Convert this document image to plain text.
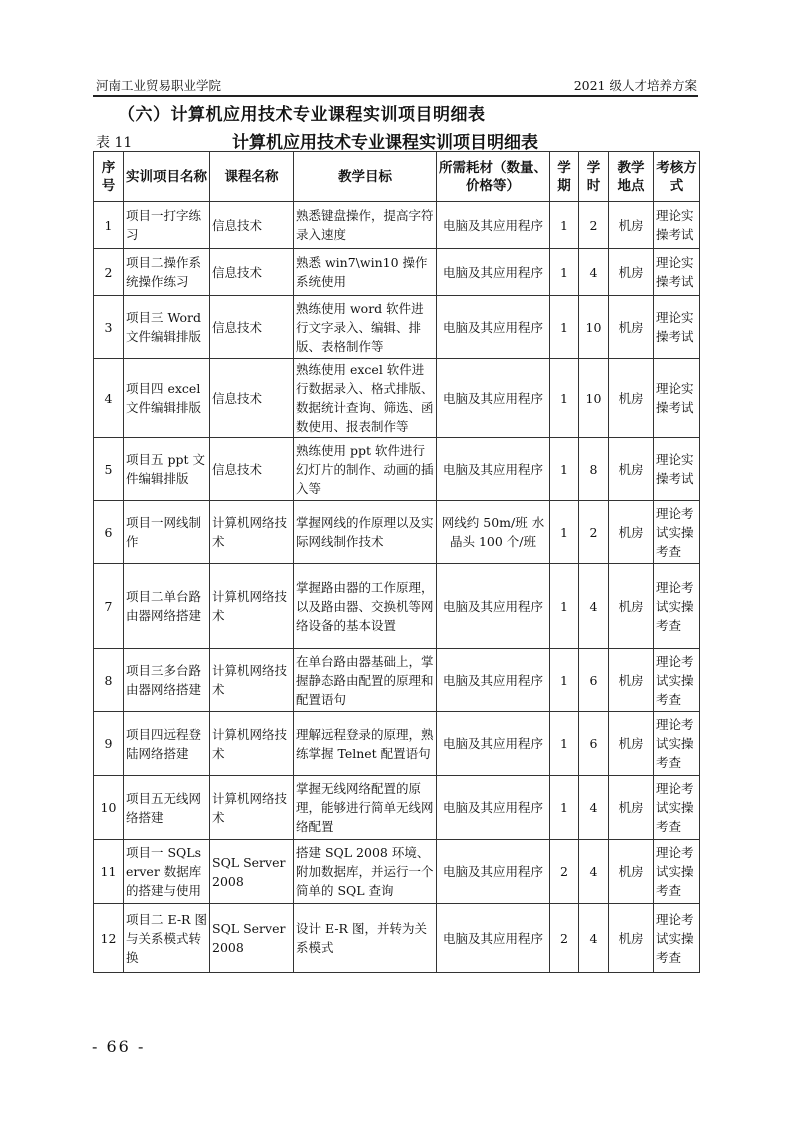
河南工业贸易职业学院	2021 级人才培养方案
（六）计算机应用技术专业课程实训项目明细表
表 11	计算机应用技术专业课程实训项目明细表
序号	实训项目名称	课程名称	教学目标	所需耗材（数量、价格等）	学期	学时	教学地点	考核方式
1	项目一打字练习	信息技术	熟悉键盘操作，提高字符录入速度	电脑及其应用程序	1	2	机房	理论实操考试
2	项目二操作系统操作练习	信息技术	熟悉 win7\win10 操作系统使用	电脑及其应用程序	1	4	机房	理论实操考试
3	项目三 Word 文件编辑排版	信息技术	熟练使用 word 软件进行文字录入、编辑、排版、表格制作等	电脑及其应用程序	1	10	机房	理论实操考试
4	项目四 excel 文件编辑排版	信息技术	熟练使用 excel 软件进行数据录入、格式排版、数据统计查询、筛选、函数使用、报表制作等	电脑及其应用程序	1	10	机房	理论实操考试
5	项目五 ppt 文件编辑排版	信息技术	熟练使用 ppt 软件进行幻灯片的制作、动画的插入等	电脑及其应用程序	1	8	机房	理论实操考试
6	项目一网线制作	计算机网络技术	掌握网线的作原理以及实际网线制作技术	网线约 50m/班 水晶头 100 个/班	1	2	机房	理论考试实操考查
7	项目二单台路由器网络搭建	计算机网络技术	掌握路由器的工作原理，以及路由器、交换机等网络设备的基本设置	电脑及其应用程序	1	4	机房	理论考试实操考查
8	项目三多台路由器网络搭建	计算机网络技术	在单台路由器基础上，掌握静态路由配置的原理和配置语句	电脑及其应用程序	1	6	机房	理论考试实操考查
9	项目四远程登陆网络搭建	计算机网络技术	理解远程登录的原理，熟练掌握 Telnet 配置语句	电脑及其应用程序	1	6	机房	理论考试实操考查
10	项目五无线网络搭建	计算机网络技术	掌握无线网络配置的原理，能够进行简单无线网络配置	电脑及其应用程序	1	4	机房	理论考试实操考查
11	项目一 SQLserver 数据库的搭建与使用	SQL Server 2008	搭建 SQL 2008 环境、附加数据库，并运行一个简单的 SQL 查询	电脑及其应用程序	2	4	机房	理论考试实操考查
12	项目二 E-R 图与关系模式转换	SQL Server 2008	设计 E-R 图，并转为关系模式	电脑及其应用程序	2	4	机房	理论考试实操考查
- 66 -
